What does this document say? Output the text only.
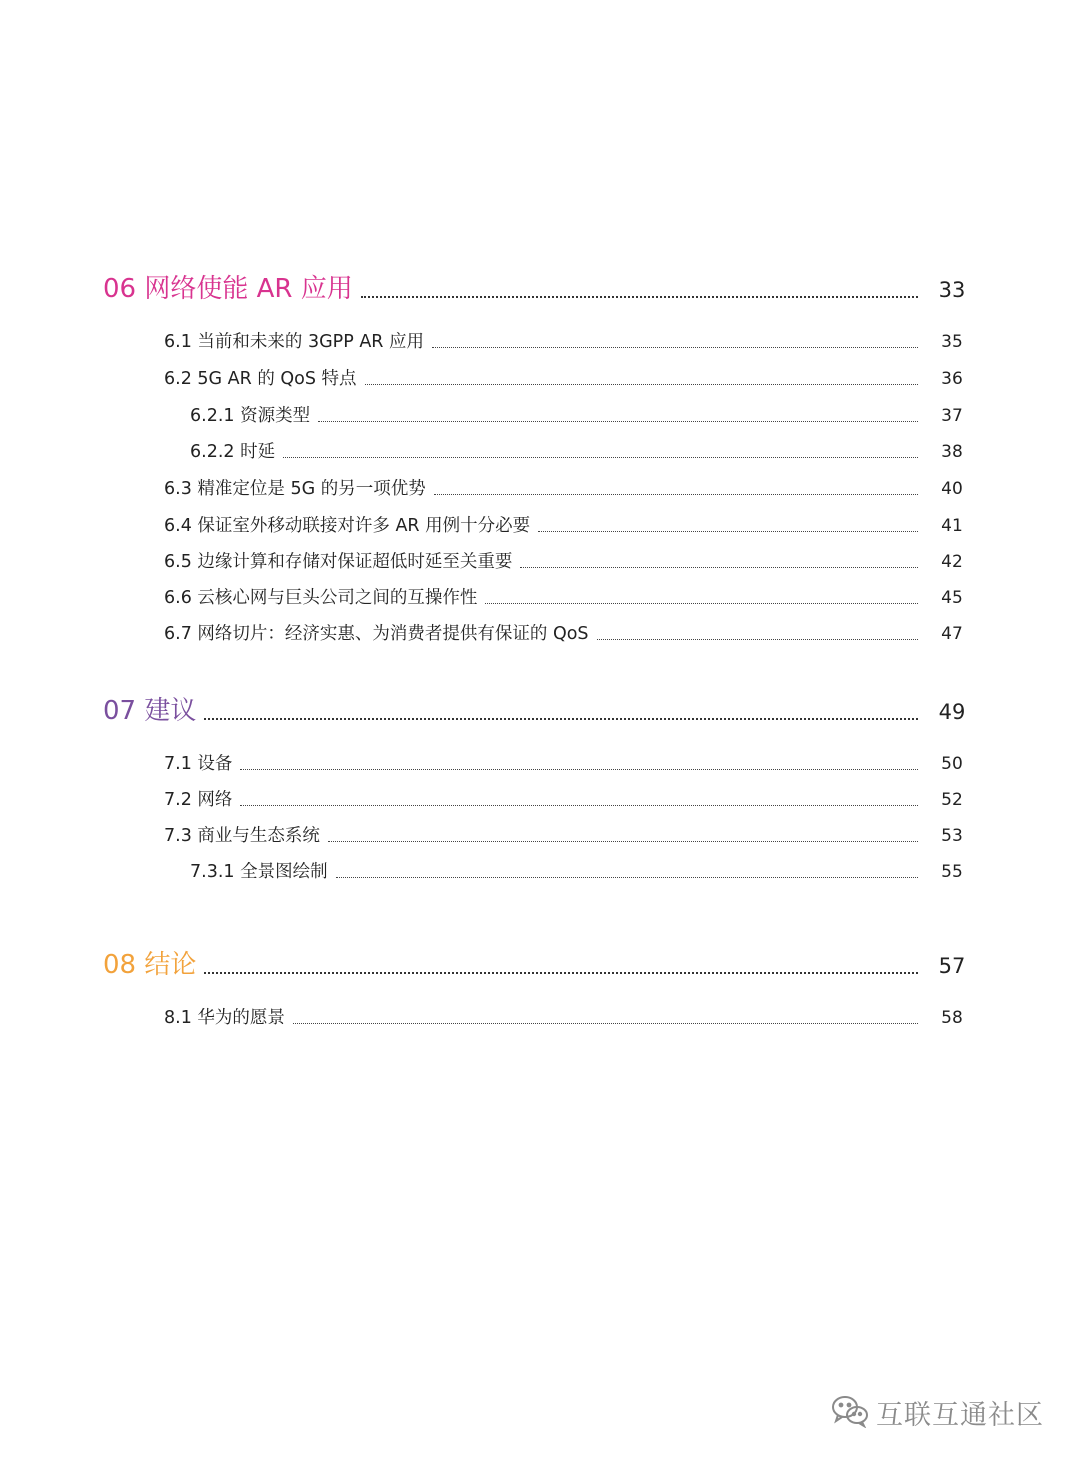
06 网络使能 AR 应用	33
6.1 当前和未来的 3GPP AR 应用	35
6.2 5G AR 的 QoS 特点	36
6.2.1 资源类型	37
6.2.2 时延	38
6.3 精准定位是 5G 的另一项优势	40
6.4 保证室外移动联接对许多 AR 用例十分必要	41
6.5 边缘计算和存储对保证超低时延至关重要	42
6.6 云核心网与巨头公司之间的互操作性	45
6.7 网络切片：经济实惠、为消费者提供有保证的 QoS	47
07 建议	49
7.1 设备	50
7.2 网络	52
7.3 商业与生态系统	53
7.3.1 全景图绘制	55
08 结论	57
8.1 华为的愿景	58
互联互通社区
